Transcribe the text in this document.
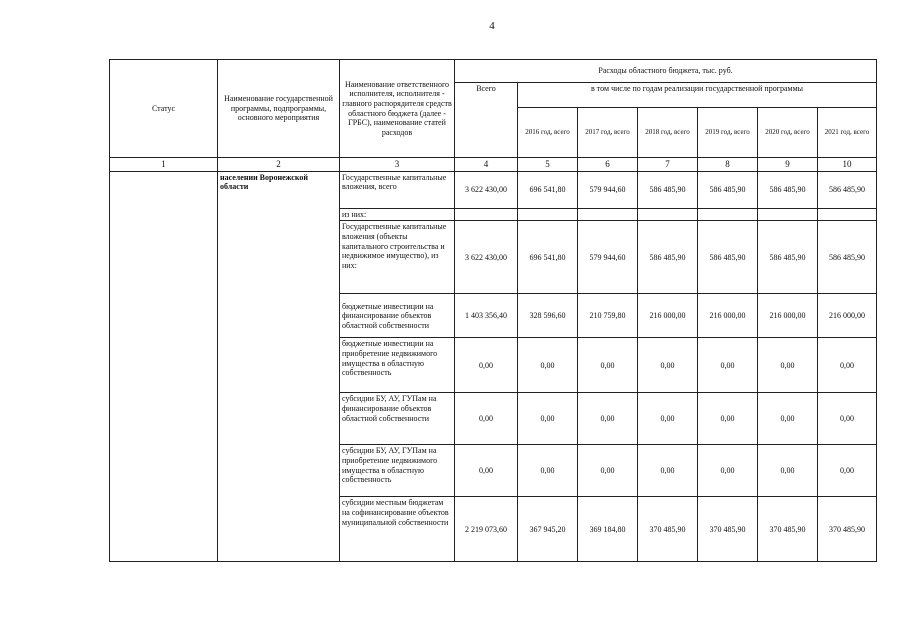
4
Статус	Наименование государственной программы, подпрограммы, основного мероприятия	Наименование ответственного исполнителя, исполнителя - главного распорядителя средств областного бюджета (далее - ГРБС), наименование статей расходов	Расходы областного бюджета, тыс. руб.						
			Всего	в том числе по годам реализации государственной программы					
				2016 год, всего	2017 год, всего	2018 год, всего	2019 год, всего	2020 год, всего	2021 год, всего
1	2	3	4	5	6	7	8	9	10
	населении Воронежской области	Государственные капитальные вложения, всего	3 622 430,00	696 541,80	579 944,60	586 485,90	586 485,90	586 485,90	586 485,90
		из них:							
		Государственные капитальные вложения (объекты капитального строительства и недвижимое имущество), из них:	3 622 430,00	696 541,80	579 944,60	586 485,90	586 485,90	586 485,90	586 485,90
		бюджетные инвестиции на финансирование объектов областной собственности	1 403 356,40	328 596,60	210 759,80	216 000,00	216 000,00	216 000,00	216 000,00
		бюджетные инвестиции на приобретение недвижимого имущества в областную собственность	0,00	0,00	0,00	0,00	0,00	0,00	0,00
		субсидии БУ, АУ, ГУПам на финансирование объектов областной собственности	0,00	0,00	0,00	0,00	0,00	0,00	0,00
		субсидии БУ, АУ, ГУПам на приобретение недвижимого имущества в областную собственность	0,00	0,00	0,00	0,00	0,00	0,00	0,00
		субсидии местным бюджетам на софинансирование объектов муниципальной собственности	2 219 073,60	367 945,20	369 184,80	370 485,90	370 485,90	370 485,90	370 485,90
